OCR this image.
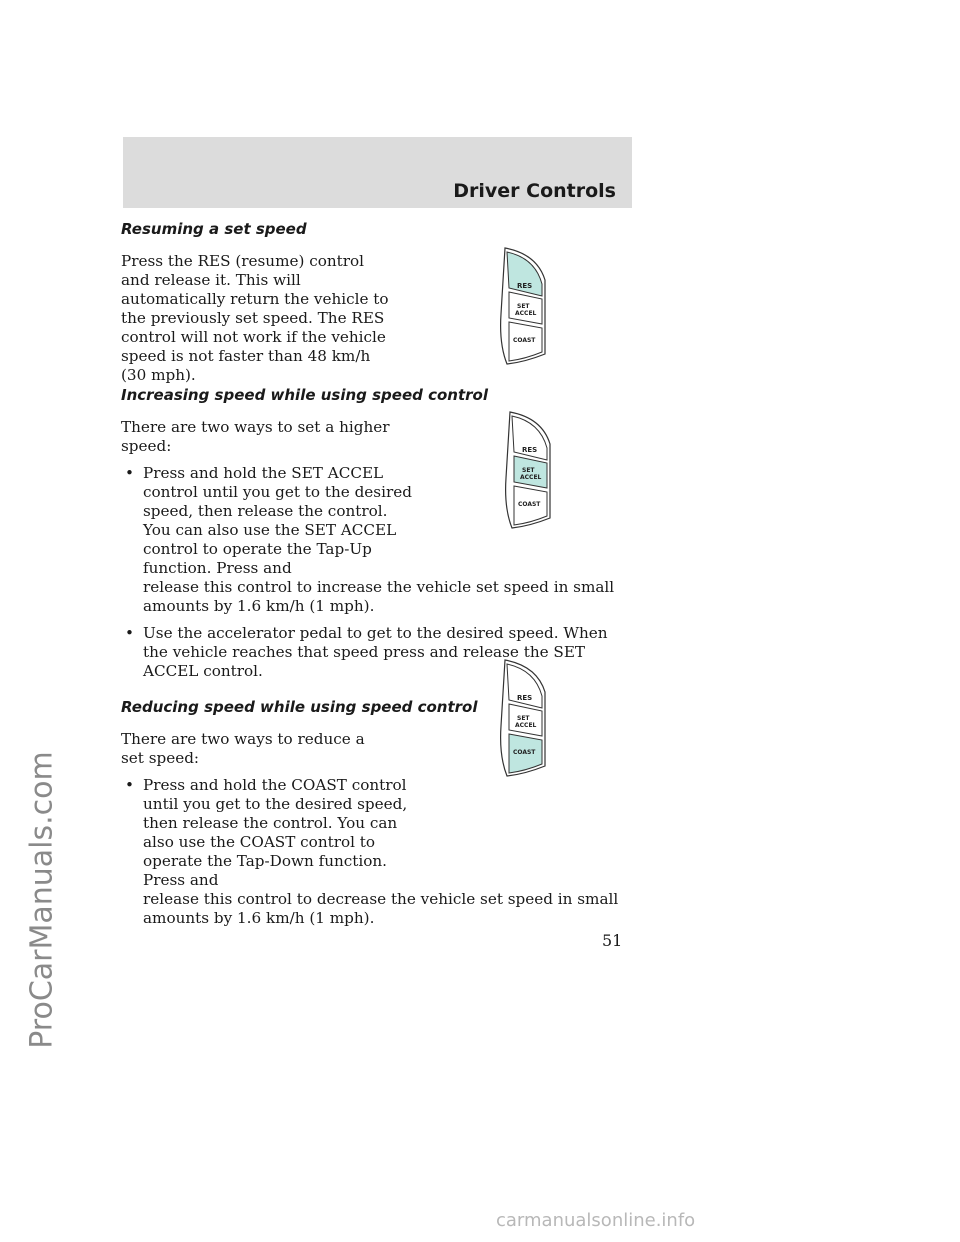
Driver Controls
ProCarManuals.com
Resuming a set speed

Press the RES (resume) control and release it. This will automatically return the vehicle to the previously set speed. The RES control will not work if the vehicle speed is not faster than 48 km/h (30 mph).

Increasing speed while using speed control

There are two ways to set a higher speed:

• Press and hold the SET ACCEL control until you get to the desired speed, then release the control. You can also use the SET ACCEL control to operate the Tap-Up function. Press and
release this control to increase the vehicle set speed in small amounts by 1.6 km/h (1 mph).
• Use the accelerator pedal to get to the desired speed. When the vehicle reaches that speed press and release the SET ACCEL control.
Reducing speed while using speed control

There are two ways to reduce a set speed:

• Press and hold the COAST control until you get to the desired speed, then release the control. You can also use the COAST control to operate the Tap-Down function. Press and
release this control to decrease the vehicle set speed in small amounts by 1.6 km/h (1 mph).
RES
SET
ACCEL
COAST
RES
SET
ACCEL
COAST
RES
SET
ACCEL
COAST
51
carmanualsonline.info
